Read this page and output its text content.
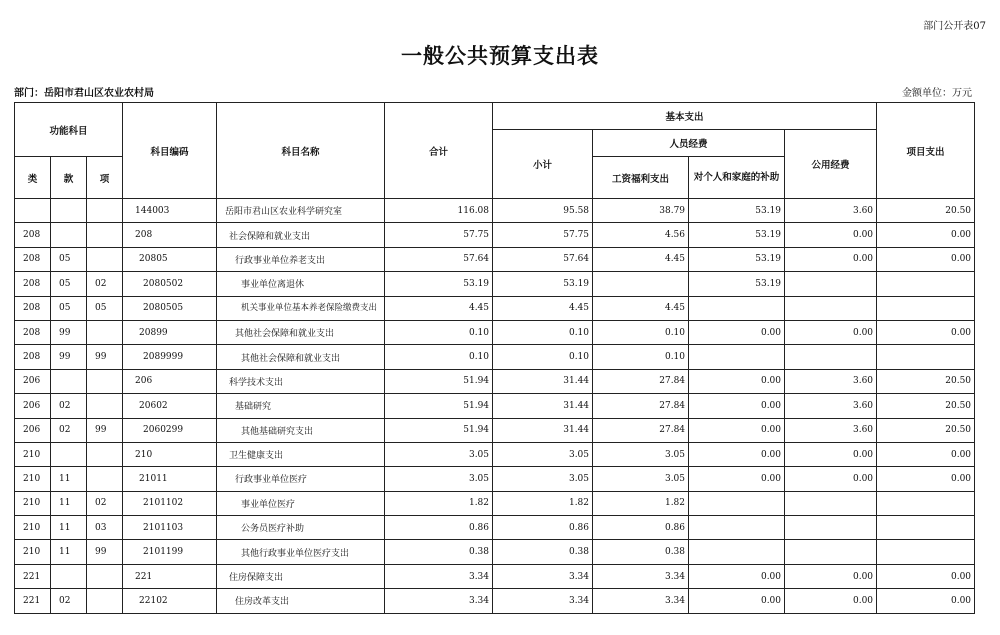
部门公开表07
一般公共预算支出表
部门：岳阳市君山区农业农村局	金额单位：万元
功能科目			科目编码	科目名称	合计	基本支出				项目支出
						小计	人员经费		公用经费	
类	款	项					工资福利支出	对个人和家庭的补助		
			144003	岳阳市君山区农业科学研究室	116.08	95.58	38.79	53.19	3.60	20.50
208			208	社会保障和就业支出	57.75	57.75	4.56	53.19	0.00	0.00
208	05		20805	行政事业单位养老支出	57.64	57.64	4.45	53.19	0.00	0.00
208	05	02	2080502	事业单位离退休	53.19	53.19		53.19		
208	05	05	2080505	机关事业单位基本养老保险缴费支出	4.45	4.45	4.45			
208	99		20899	其他社会保障和就业支出	0.10	0.10	0.10	0.00	0.00	0.00
208	99	99	2089999	其他社会保障和就业支出	0.10	0.10	0.10			
206			206	科学技术支出	51.94	31.44	27.84	0.00	3.60	20.50
206	02		20602	基础研究	51.94	31.44	27.84	0.00	3.60	20.50
206	02	99	2060299	其他基础研究支出	51.94	31.44	27.84	0.00	3.60	20.50
210			210	卫生健康支出	3.05	3.05	3.05	0.00	0.00	0.00
210	11		21011	行政事业单位医疗	3.05	3.05	3.05	0.00	0.00	0.00
210	11	02	2101102	事业单位医疗	1.82	1.82	1.82			
210	11	03	2101103	公务员医疗补助	0.86	0.86	0.86			
210	11	99	2101199	其他行政事业单位医疗支出	0.38	0.38	0.38			
221			221	住房保障支出	3.34	3.34	3.34	0.00	0.00	0.00
221	02		22102	住房改革支出	3.34	3.34	3.34	0.00	0.00	0.00
